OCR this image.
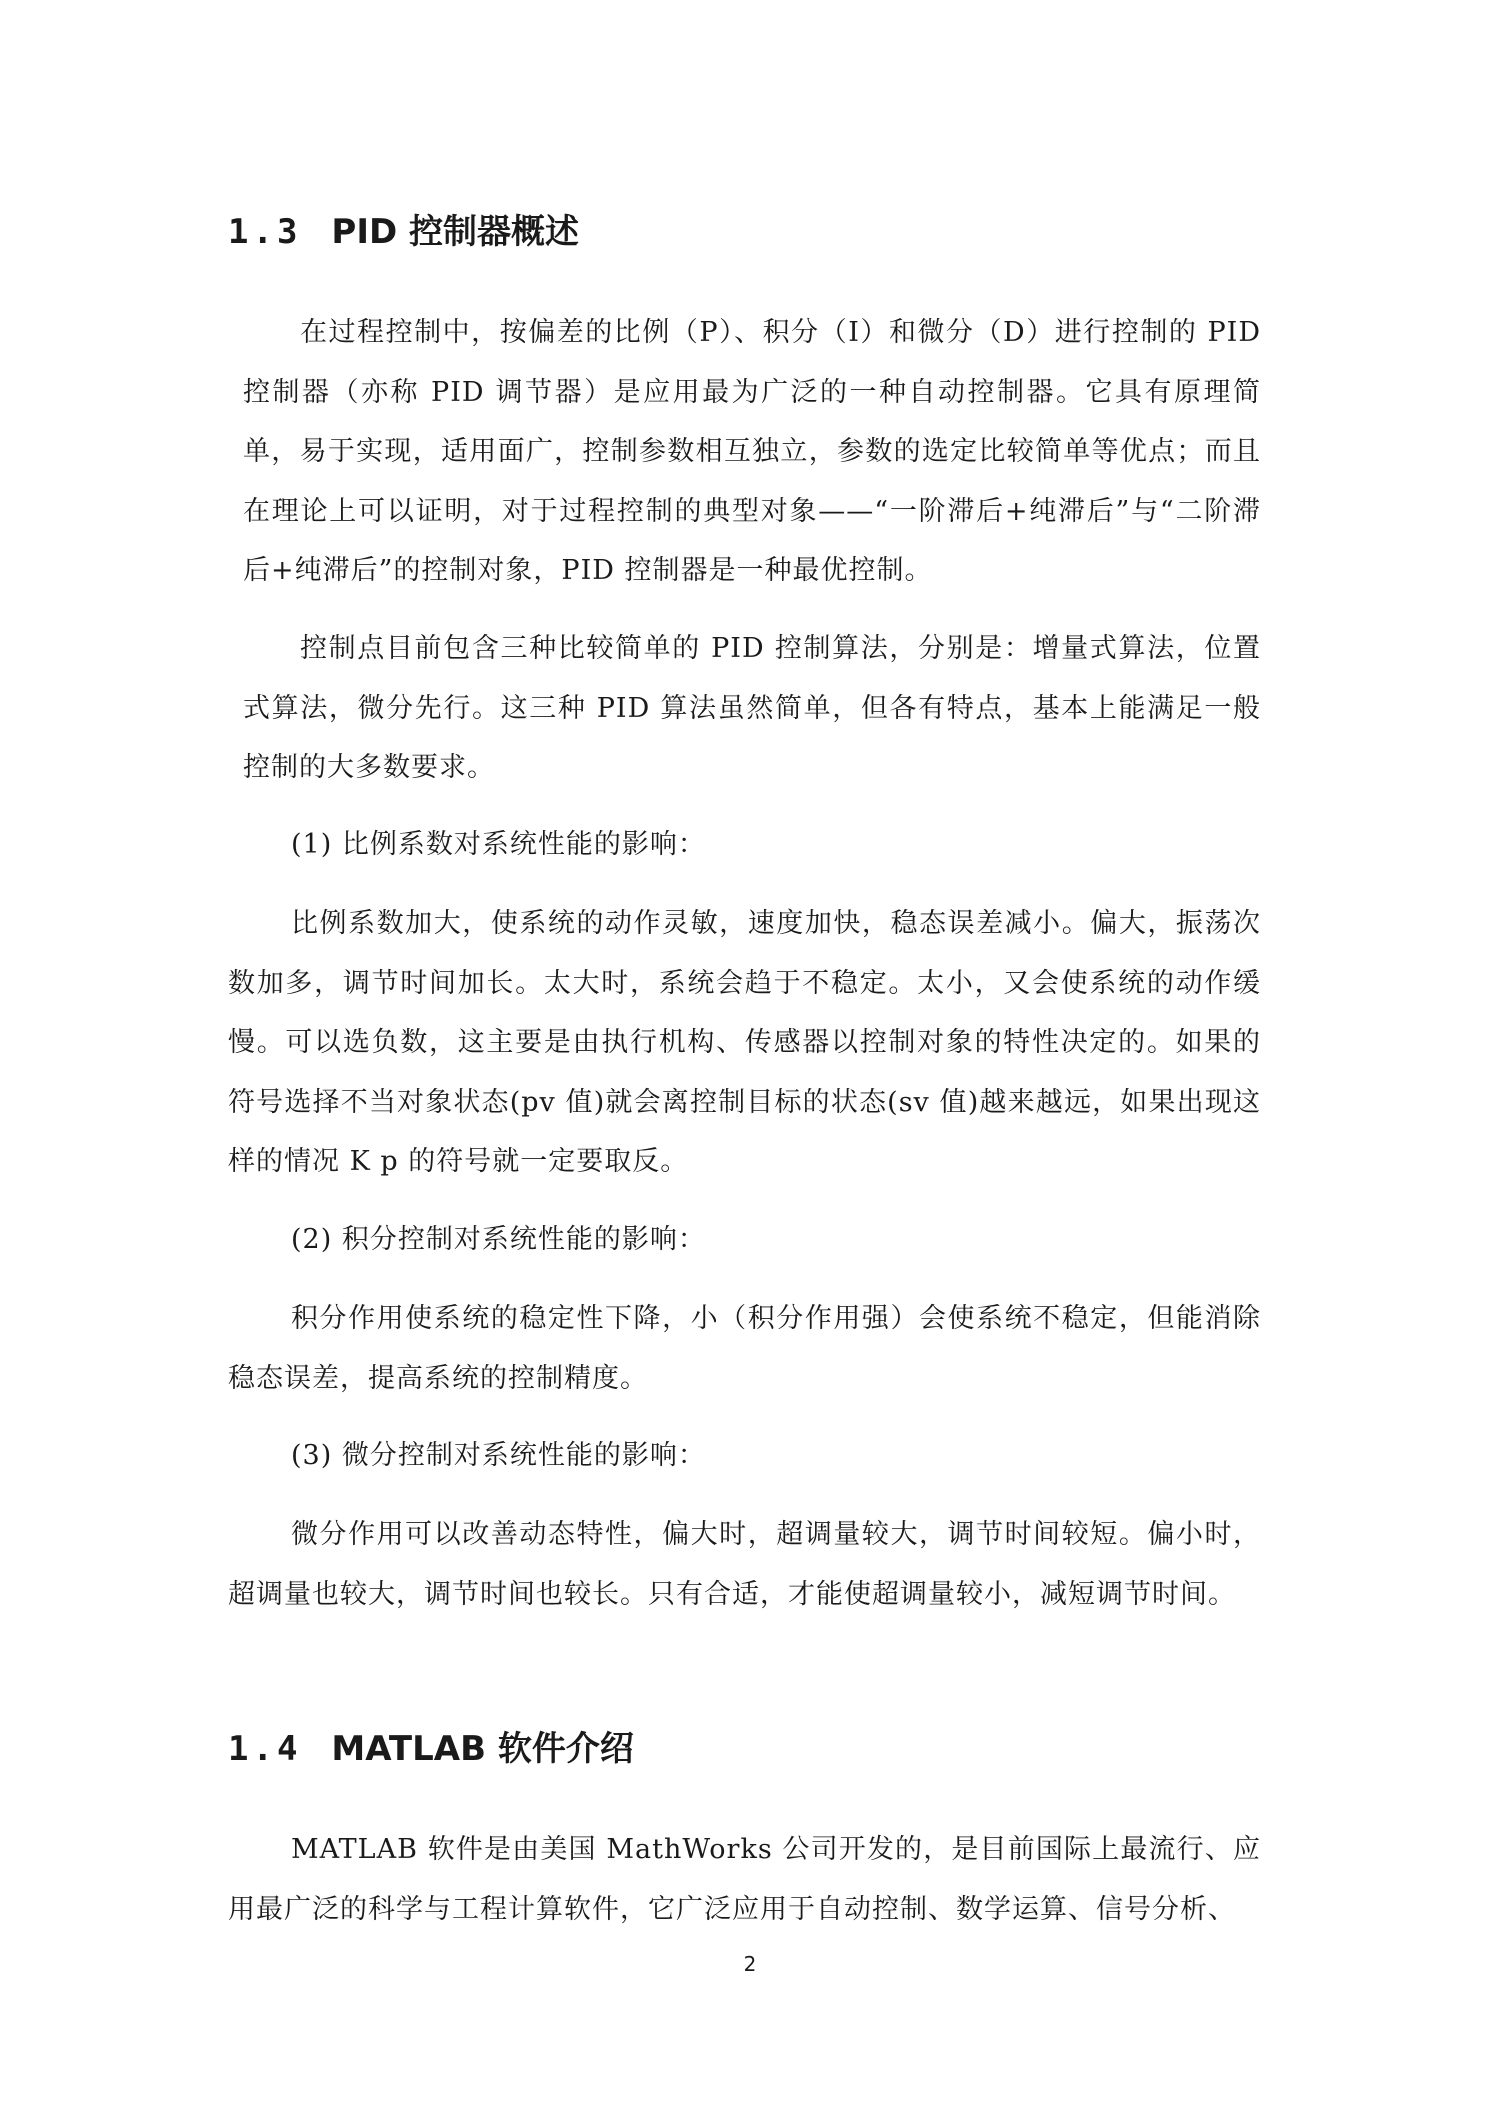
1.3 PID 控制器概述

在过程控制中，按偏差的比例（P）、积分（I）和微分（D）进行控制的 PID 控制器（亦称 PID 调节器）是应用最为广泛的一种自动控制器。它具有原理简单，易于实现，适用面广，控制参数相互独立，参数的选定比较简单等优点；而且在理论上可以证明，对于过程控制的典型对象——“一阶滞后+纯滞后”与“二阶滞后+纯滞后”的控制对象，PID 控制器是一种最优控制。

控制点目前包含三种比较简单的 PID 控制算法，分别是：增量式算法，位置式算法，微分先行。这三种 PID 算法虽然简单，但各有特点，基本上能满足一般控制的大多数要求。

(1) 比例系数对系统性能的影响：

比例系数加大，使系统的动作灵敏，速度加快，稳态误差减小。偏大，振荡次数加多，调节时间加长。太大时，系统会趋于不稳定。太小，又会使系统的动作缓慢。可以选负数，这主要是由执行机构、传感器以控制对象的特性决定的。如果的符号选择不当对象状态(pv 值)就会离控制目标的状态(sv 值)越来越远，如果出现这样的情况 K p 的符号就一定要取反。

(2) 积分控制对系统性能的影响：

积分作用使系统的稳定性下降，小（积分作用强）会使系统不稳定，但能消除稳态误差，提高系统的控制精度。

(3) 微分控制对系统性能的影响：

微分作用可以改善动态特性，偏大时，超调量较大，调节时间较短。偏小时，超调量也较大，调节时间也较长。只有合适，才能使超调量较小，减短调节时间。

1.4 MATLAB 软件介绍

MATLAB 软件是由美国 MathWorks 公司开发的，是目前国际上最流行、应用最广泛的科学与工程计算软件，它广泛应用于自动控制、数学运算、信号分析、

2
